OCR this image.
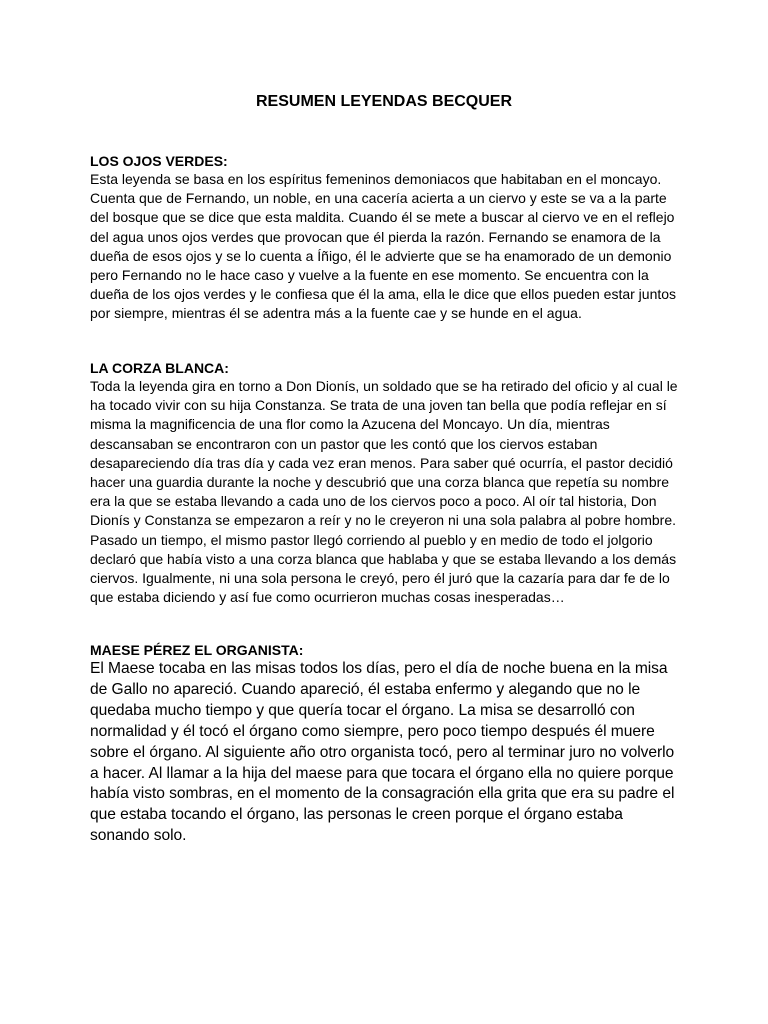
RESUMEN LEYENDAS BECQUER
LOS OJOS VERDES:

Esta leyenda se basa en los espíritus femeninos demoniacos que habitaban en el moncayo. Cuenta que de Fernando, un noble, en una cacería acierta a un ciervo y este se va a la parte del bosque que se dice que esta maldita. Cuando él se mete a buscar al ciervo ve en el reflejo del agua unos ojos verdes que provocan que él pierda la razón. Fernando se enamora de la dueña de esos ojos y se lo cuenta a Íñigo, él le advierte que se ha enamorado de un demonio pero Fernando no le hace caso y vuelve a la fuente en ese momento. Se encuentra con la dueña de los ojos verdes y le confiesa que él la ama, ella le dice que ellos pueden estar juntos por siempre, mientras él se adentra más a la fuente cae y se hunde en el agua.

LA CORZA BLANCA:

Toda la leyenda gira en torno a Don Dionís, un soldado que se ha retirado del oficio y al cual le ha tocado vivir con su hija Constanza. Se trata de una joven tan bella que podía reflejar en sí misma la magnificencia de una flor como la Azucena del Moncayo. Un día, mientras descansaban se encontraron con un pastor que les contó que los ciervos estaban desapareciendo día tras día y cada vez eran menos. Para saber qué ocurría, el pastor decidió hacer una guardia durante la noche y descubrió que una corza blanca que repetía su nombre era la que se estaba llevando a cada uno de los ciervos poco a poco. Al oír tal historia, Don Dionís y Constanza se empezaron a reír y no le creyeron ni una sola palabra al pobre hombre. Pasado un tiempo, el mismo pastor llegó corriendo al pueblo y en medio de todo el jolgorio declaró que había visto a una corza blanca que hablaba y que se estaba llevando a los demás ciervos. Igualmente, ni una sola persona le creyó, pero él juró que la cazaría para dar fe de lo que estaba diciendo y así fue como ocurrieron muchas cosas inesperadas…

MAESE PÉREZ EL ORGANISTA:

El Maese tocaba en las misas todos los días, pero el día de noche buena en la misa de Gallo no apareció. Cuando apareció, él estaba enfermo y alegando que no le quedaba mucho tiempo y que quería tocar el órgano. La misa se desarrolló con normalidad y él tocó el órgano como siempre, pero poco tiempo después él muere sobre el órgano. Al siguiente año otro organista tocó, pero al terminar juro no volverlo a hacer. Al llamar a la hija del maese para que tocara el órgano ella no quiere porque había visto sombras, en el momento de la consagración ella grita que era su padre el que estaba tocando el órgano, las personas le creen porque el órgano estaba sonando solo.
